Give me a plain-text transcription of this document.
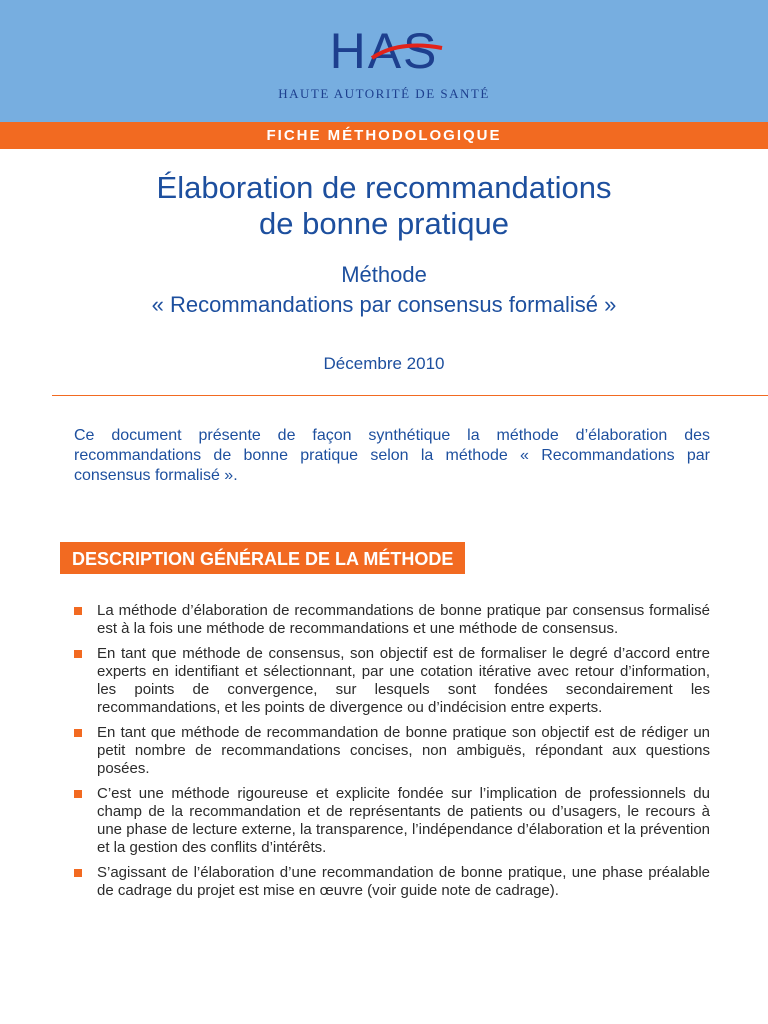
HAS
HAUTE AUTORITÉ DE SANTÉ
FICHE MÉTHODOLOGIQUE
Élaboration de recommandations
de bonne pratique
Méthode
« Recommandations par consensus formalisé »
Décembre 2010
Ce document présente de façon synthétique la méthode d’élaboration des recommandations de bonne pratique selon la méthode « Recommandations par consensus formalisé ».
DESCRIPTION GÉNÉRALE DE LA MÉTHODE
La méthode d’élaboration de recommandations de bonne pratique par consensus formalisé est à la fois une méthode de recommandations et une méthode de consensus.
En tant que méthode de consensus, son objectif est de formaliser le degré d’accord entre experts en identifiant et sélectionnant, par une cotation itérative avec retour d’information, les points de convergence, sur lesquels sont fondées secondairement les recommandations, et les points de divergence ou d’indécision entre experts.
En tant que méthode de recommandation de bonne pratique son objectif est de rédiger un petit nombre de recommandations concises, non ambiguës, répondant aux questions posées.
C’est une méthode rigoureuse et explicite fondée sur l’implication de professionnels du champ de la recommandation et de représentants de patients ou d’usagers, le recours à une phase de lecture externe, la transparence, l’indépendance d’élaboration et la prévention et la gestion des conflits d’intérêts.
S’agissant de l’élaboration d’une recommandation de bonne pratique, une phase préalable de cadrage du projet est mise en œuvre (voir guide note de cadrage).
